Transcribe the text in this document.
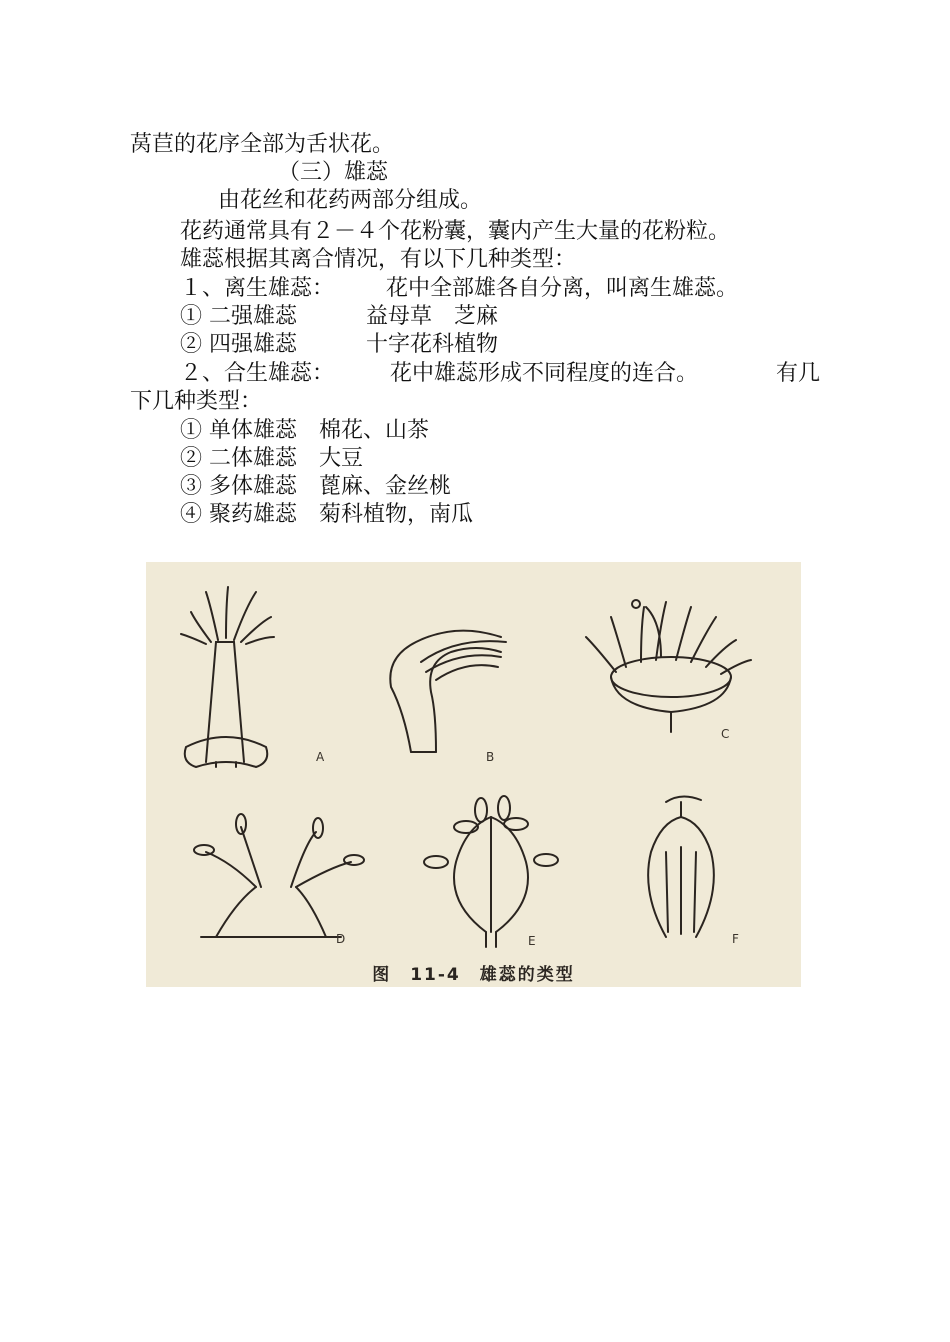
莴苣的花序全部为舌状花。
（三）雄蕊
由花丝和花药两部分组成。
花药通常具有２－４个花粉囊，囊内产生大量的花粉粒。
雄蕊根据其离合情况，有以下几种类型：
１、离生雄蕊： 花中全部雄各自分离，叫离生雄蕊。
① 二强雄蕊	益母草　芝麻
② 四强雄蕊	十字花科植物
２、合生雄蕊：	花中雄蕊形成不同程度的连合。	有几
下几种类型：
① 单体雄蕊　棉花、山茶
② 二体雄蕊　大豆
③ 多体雄蕊　蓖麻、金丝桃
④ 聚药雄蕊　菊科植物，南瓜
A	B
C
D	E	F
图　11-4　雄蕊的类型
